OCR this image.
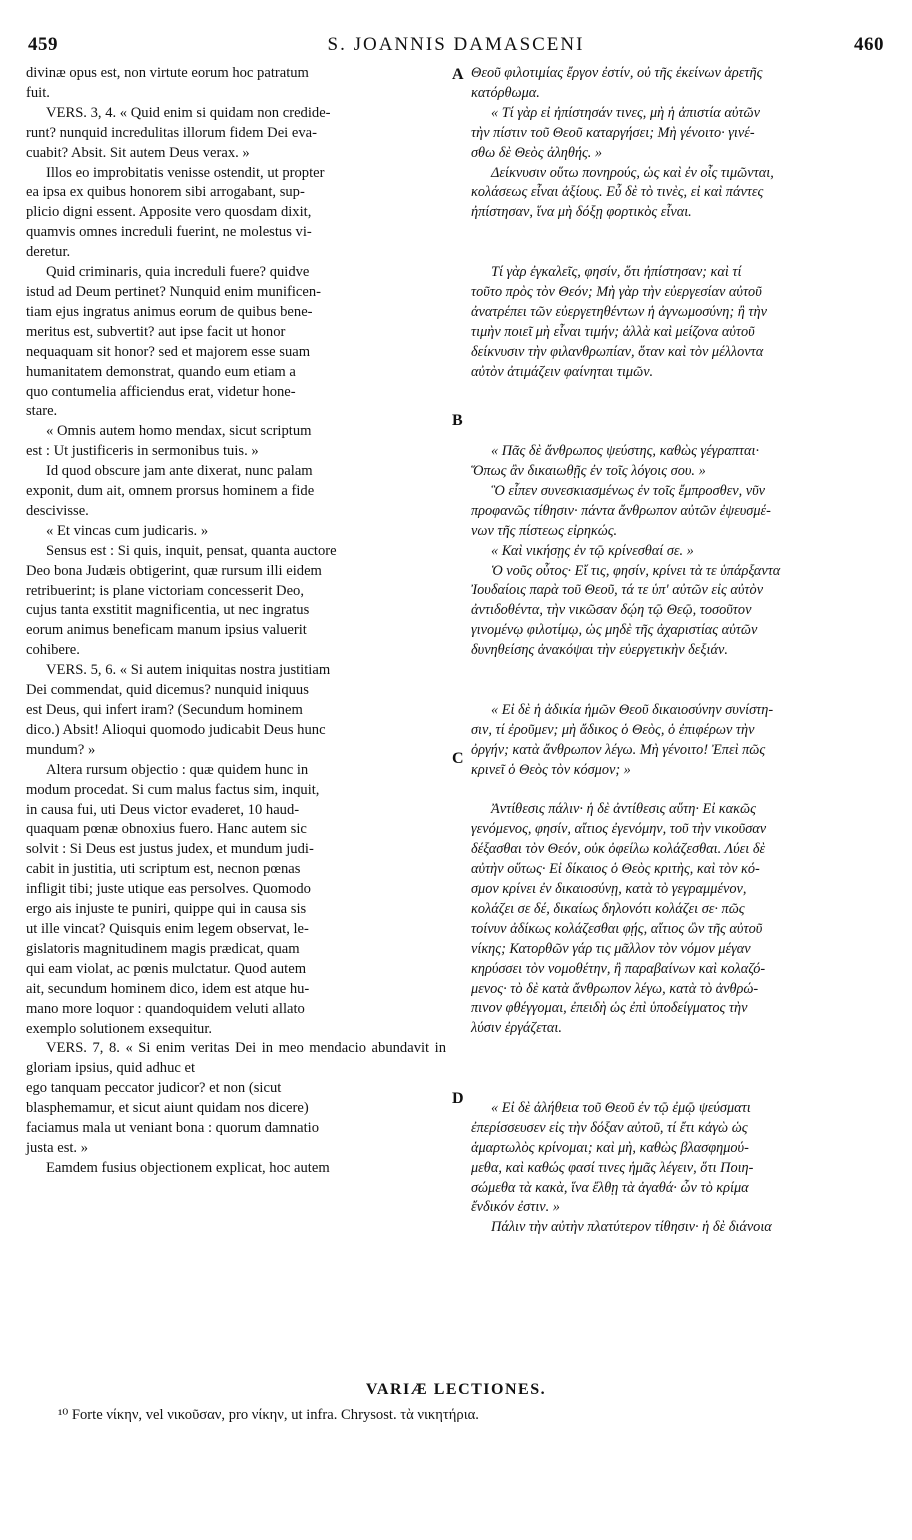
459	S. JOANNIS DAMASCENI	460

divinæ opus est, non virtute eorum hoc patratum

fuit.

VERS. 3, 4. « Quid enim si quidam non credide-

runt? nunquid incredulitas illorum fidem Dei eva-

cuabit? Absit. Sit autem Deus verax. »

Illos eo improbitatis venisse ostendit, ut propter

ea ipsa ex quibus honorem sibi arrogabant, sup-

plicio digni essent. Apposite vero quosdam dixit,

quamvis omnes increduli fuerint, ne molestus vi-

deretur.

Quid criminaris, quia increduli fuere? quidve

istud ad Deum pertinet? Nunquid enim munificen-

tiam ejus ingratus animus eorum de quibus bene-

meritus est, subvertit? aut ipse facit ut honor

nequaquam sit honor? sed et majorem esse suam

humanitatem demonstrat, quando eum etiam a

quo contumelia afficiendus erat, videtur hone-

stare.

« Omnis autem homo mendax, sicut scriptum

est : Ut justificeris in sermonibus tuis. »

Id quod obscure jam ante dixerat, nunc palam

exponit, dum ait, omnem prorsus hominem a fide

descivisse.

« Et vincas cum judicaris. »

Sensus est : Si quis, inquit, pensat, quanta auctore

Deo bona Judæis obtigerint, quæ rursum illi eidem

retribuerint; is plane victoriam concesserit Deo,

cujus tanta exstitit magnificentia, ut nec ingratus

eorum animus beneficam manum ipsius valuerit

cohibere.

VERS. 5, 6. « Si autem iniquitas nostra justitiam

Dei commendat, quid dicemus? nunquid iniquus

est Deus, qui infert iram? (Secundum hominem

dico.) Absit! Alioqui quomodo judicabit Deus hunc

mundum? »

Altera rursum objectio : quæ quidem hunc in

modum procedat. Si cum malus factus sim, inquit,

in causa fui, uti Deus victor evaderet, 10 haud-

quaquam pœnæ obnoxius fuero. Hanc autem sic

solvit : Si Deus est justus judex, et mundum judi-

cabit in justitia, uti scriptum est, necnon pœnas

infligit tibi; juste utique eas persolves. Quomodo

ergo ais injuste te puniri, quippe qui in causa sis

ut ille vincat? Quisquis enim legem observat, le-

gislatoris magnitudinem magis prædicat, quam

qui eam violat, ac pœnis mulctatur. Quod autem

ait, secundum hominem dico, idem est atque hu-

mano more loquor : quandoquidem veluti allato

exemplo solutionem exsequitur.

VERS. 7, 8. « Si enim veritas Dei in meo mendacio abundavit in gloriam ipsius, quid adhuc et

ego tanquam peccator judicor? et non (sicut

blasphemamur, et sicut aiunt quidam nos dicere)

faciamus mala ut veniant bona : quorum damnatio

justa est. »

Eamdem fusius objectionem explicat, hoc autem

A
B
C
D

Θεοῦ φιλοτιμίας ἔργον ἐστίν, οὐ τῆς ἐκείνων ἀρετῆς

κατόρθωμα.

« Τί γὰρ εἰ ἠπίστησάν τινες, μὴ ἡ ἀπιστία αὐτῶν

τὴν πίστιν τοῦ Θεοῦ καταργήσει; Μὴ γένοιτο· γινέ-

σθω δὲ Θεὸς ἀληθής. »

Δείκνυσιν οὕτω πονηρούς, ὡς καὶ ἐν οἷς τιμῶνται,

κολάσεως εἶναι ἀξίους. Εὖ δὲ τὸ τινὲς, εἰ καὶ πάντες

ἠπίστησαν, ἵνα μὴ δόξῃ φορτικὸς εἶναι.

Τί γὰρ ἐγκαλεῖς, φησίν, ὅτι ἠπίστησαν; καὶ τί

τοῦτο πρὸς τὸν Θεόν; Μὴ γὰρ τὴν εὐεργεσίαν αὐτοῦ

ἀνατρέπει τῶν εὐεργετηθέντων ἡ ἀγνωμοσύνη; ἢ τὴν

τιμὴν ποιεῖ μὴ εἶναι τιμήν; ἀλλὰ καὶ μείζονα αὐτοῦ

δείκνυσιν τὴν φιλανθρωπίαν, ὅταν καὶ τὸν μέλλοντα

αὐτὸν ἀτιμάζειν φαίνηται τιμῶν.

« Πᾶς δὲ ἄνθρωπος ψεύστης, καθὼς γέγραπται·

Ὅπως ἂν δικαιωθῇς ἐν τοῖς λόγοις σου. »

Ὃ εἶπεν συνεσκιασμένως ἐν τοῖς ἔμπροσθεν, νῦν

προφανῶς τίθησιν· πάντα ἄνθρωπον αὐτῶν ἐψευσμέ-

νων τῆς πίστεως εἰρηκώς.

« Καὶ νικήσῃς ἐν τῷ κρίνεσθαί σε. »

Ὁ νοῦς οὗτος· Εἴ τις, φησίν, κρίνει τὰ τε ὑπάρξαντα

Ἰουδαίοις παρὰ τοῦ Θεοῦ, τά τε ὑπ' αὐτῶν εἰς αὐτὸν

ἀντιδοθέντα, τὴν νικῶσαν δῴη τῷ Θεῷ, τοσοῦτον

γινομένῳ φιλοτίμῳ, ὡς μηδὲ τῆς ἀχαριστίας αὐτῶν

δυνηθείσης ἀνακόψαι τὴν εὐεργετικὴν δεξιάν.

« Εἰ δὲ ἡ ἀδικία ἡμῶν Θεοῦ δικαιοσύνην συνίστη-

σιν, τί ἐροῦμεν; μὴ ἄδικος ὁ Θεὸς, ὁ ἐπιφέρων τὴν

ὀργήν; κατὰ ἄνθρωπον λέγω. Μὴ γένοιτο! Ἐπεὶ πῶς

κρινεῖ ὁ Θεὸς τὸν κόσμον; »

Ἀντίθεσις πάλιν· ἡ δὲ ἀντίθεσις αὕτη· Εἰ κακῶς

γενόμενος, φησίν, αἴτιος ἐγενόμην, τοῦ τὴν νικοῦσαν

δέξασθαι τὸν Θεόν, οὐκ ὀφείλω κολάζεσθαι. Λύει δὲ

αὐτὴν οὕτως· Εἰ δίκαιος ὁ Θεὸς κριτὴς, καὶ τὸν κό-

σμον κρίνει ἐν δικαιοσύνῃ, κατὰ τὸ γεγραμμένον,

κολάζει σε δέ, δικαίως δηλονότι κολάζει σε· πῶς

τοίνυν ἀδίκως κολάζεσθαι φῄς, αἴτιος ὢν τῆς αὐτοῦ

νίκης; Κατορθῶν γάρ τις μᾶλλον τὸν νόμον μέγαν

κηρύσσει τὸν νομοθέτην, ἢ παραβαίνων καὶ κολαζό-

μενος· τὸ δὲ κατὰ ἄνθρωπον λέγω, κατὰ τὸ ἀνθρώ-

πινον φθέγγομαι, ἐπειδὴ ὡς ἐπὶ ὑποδείγματος τὴν

λύσιν ἐργάζεται.

« Εἰ δὲ ἀλήθεια τοῦ Θεοῦ ἐν τῷ ἐμῷ ψεύσματι

ἐπερίσσευσεν εἰς τὴν δόξαν αὐτοῦ, τί ἔτι κἀγὼ ὡς

ἁμαρτωλὸς κρίνομαι; καὶ μὴ, καθὼς βλασφημού-

μεθα, καὶ καθώς φασί τινες ἡμᾶς λέγειν, ὅτι Ποιη-

σώμεθα τὰ κακὰ, ἵνα ἔλθῃ τὰ ἀγαθά· ὧν τὸ κρίμα

ἔνδικόν ἐστιν. »

Πάλιν τὴν αὐτὴν πλατύτερον τίθησιν· ἡ δὲ διάνοια

VARIÆ LECTIONES.
¹⁰ Forte νίκην, vel νικοῦσαν, pro νίκην, ut infra. Chrysost. τὰ νικητήρια.
